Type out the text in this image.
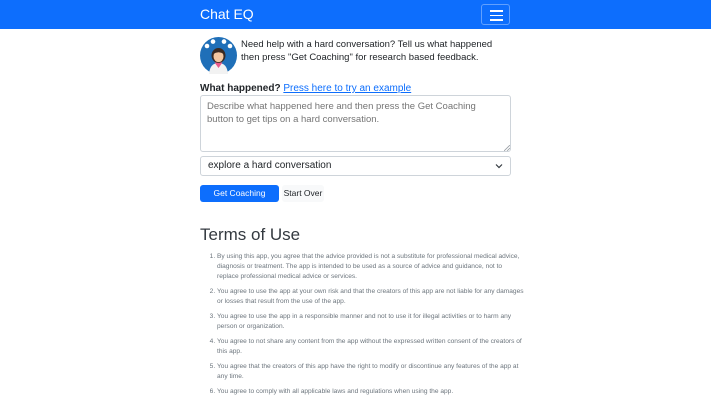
Chat EQ
Need help with a hard conversation? Tell us what happened then press "Get Coaching" for research based feedback.
What happened? Press here to try an example
Describe what happened here and then press the Get Coaching button to get tips on a hard conversation.
explore a hard conversation
Get Coaching	Start Over
Terms of Use
1. By using this app, you agree that the advice provided is not a substitute for professional medical advice, diagnosis or treatment. The app is intended to be used as a source of advice and guidance, not to replace professional medical advice or services.
2. You agree to use the app at your own risk and that the creators of this app are not liable for any damages or losses that result from the use of the app.
3. You agree to use the app in a responsible manner and not to use it for illegal activities or to harm any person or organization.
4. You agree to not share any content from the app without the expressed written consent of the creators of this app.
5. You agree that the creators of this app have the right to modify or discontinue any features of the app at any time.
6. You agree to comply with all applicable laws and regulations when using the app.
